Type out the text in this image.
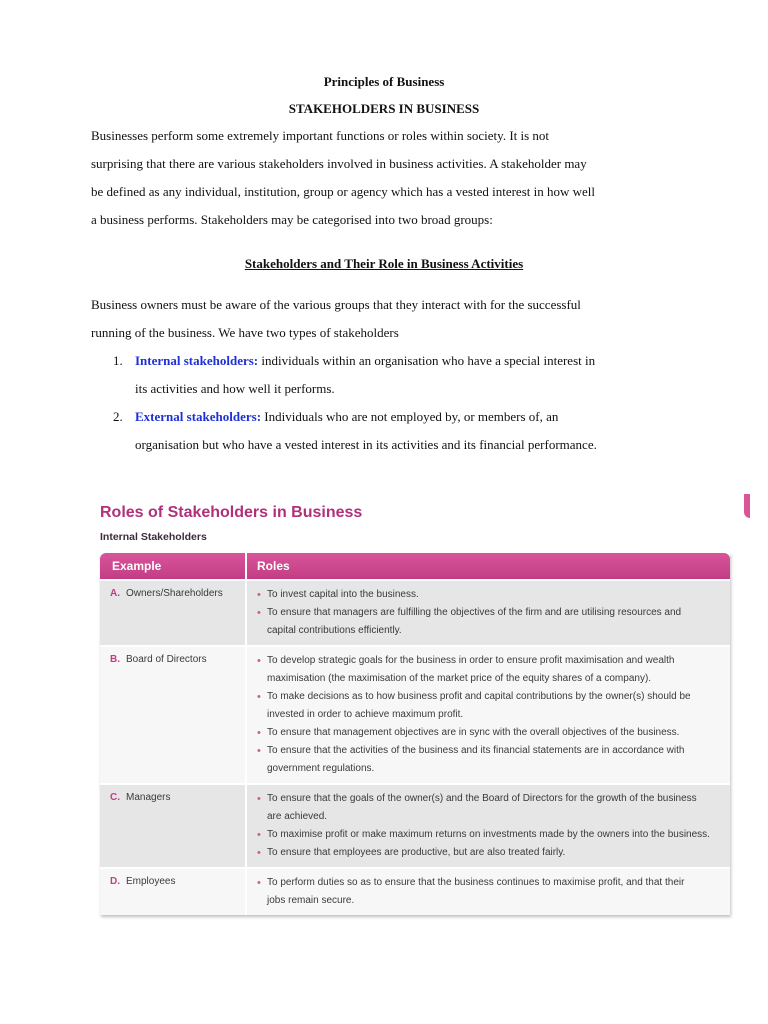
Principles of Business
STAKEHOLDERS IN BUSINESS
Businesses perform some extremely important functions or roles within society. It is not
surprising that there are various stakeholders involved in business activities. A stakeholder may
be defined as any individual, institution, group or agency which has a vested interest in how well
a business performs. Stakeholders may be categorised into two broad groups:
Stakeholders and Their Role in Business Activities
Business owners must be aware of the various groups that they interact with for the successful
running of the business. We have two types of stakeholders
1. Internal stakeholders: individuals within an organisation who have a special interest in
its activities and how well it performs.
2. External stakeholders: Individuals who are not employed by, or members of, an
organisation but who have a vested interest in its activities and its financial performance.
Roles of Stakeholders in Business
Internal Stakeholders
Example	Roles
A. Owners/Shareholders	• To invest capital into the business.
• To ensure that managers are fulfilling the objectives of the firm and are utilising resources and
capital contributions efficiently.
B. Board of Directors	• To develop strategic goals for the business in order to ensure profit maximisation and wealth
maximisation (the maximisation of the market price of the equity shares of a company).
• To make decisions as to how business profit and capital contributions by the owner(s) should be
invested in order to achieve maximum profit.
• To ensure that management objectives are in sync with the overall objectives of the business.
• To ensure that the activities of the business and its financial statements are in accordance with
government regulations.
C. Managers	• To ensure that the goals of the owner(s) and the Board of Directors for the growth of the business
are achieved.
• To maximise profit or make maximum returns on investments made by the owners into the business.
• To ensure that employees are productive, but are also treated fairly.
D. Employees	• To perform duties so as to ensure that the business continues to maximise profit, and that their
jobs remain secure.
